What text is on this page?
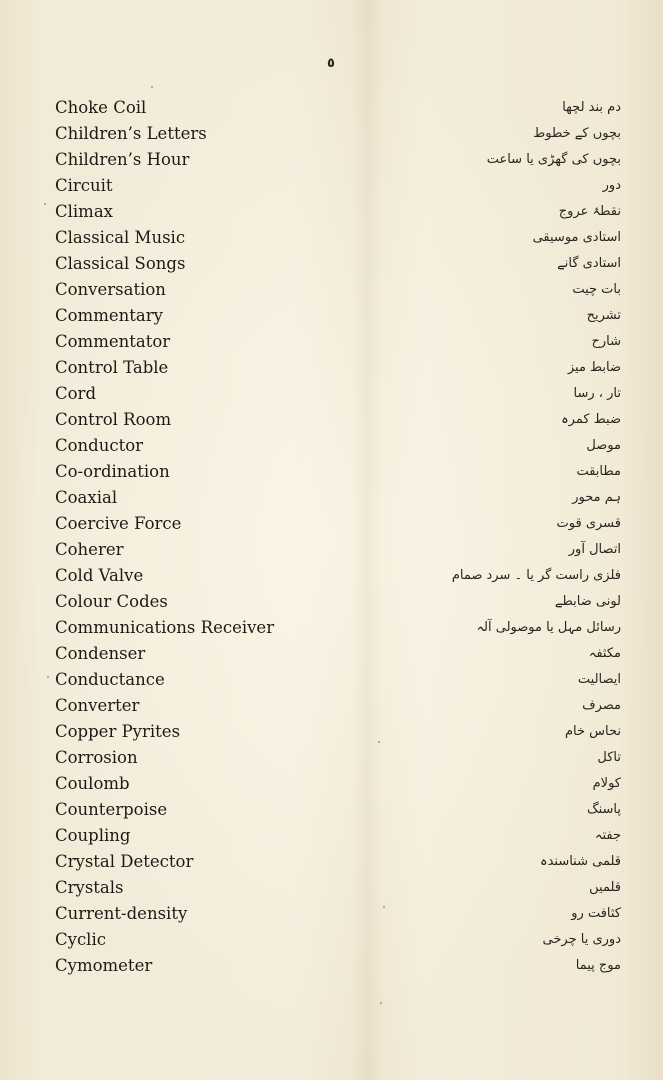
٥
Choke Coil	دم بند لچھا
Children’s Letters	بچوں کے خطوط
Children’s Hour	بچوں کی گھڑی یا ساعت
Circuit	دور
Climax	نقطۂ عروج
Classical Music	استادی موسیقی
Classical Songs	استادی گانے
Conversation	بات چیت
Commentary	تشریح
Commentator	شارح
Control Table	ضابط میز
Cord	تار ، رسا
Control Room	ضبط کمرہ
Conductor	موصل
Co-ordination	مطابقت
Coaxial	ہم محور
Coercive Force	قسری قوت
Coherer	اتصال آور
Cold Valve	فلزی راست گر یا ۔ سرد صمام
Colour Codes	لونی ضابطے
Communications Receiver	رسائل مہل یا موصولی آلہ
Condenser	مکثفہ
Conductance	ایصالیت
Converter	مصرف
Copper Pyrites	نحاس خام
Corrosion	تاکل
Coulomb	کولام
Counterpoise	پاسنگ
Coupling	جفتہ
Crystal Detector	قلمی شناسندہ
Crystals	قلمیں
Current-density	کثافت رو
Cyclic	دوری یا چرخی
Cymometer	موج پیما
